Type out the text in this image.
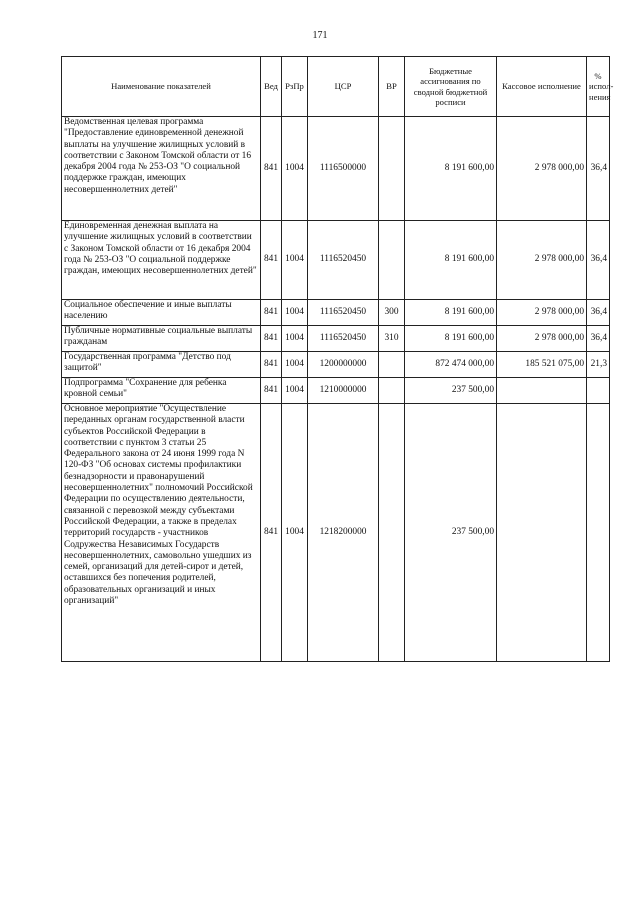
171
Наименование показателей	Вед	РзПр	ЦСР	ВР	Бюджетные ассигнования по сводной бюджетной росписи	Кассовое исполнение	% испол-нения
Ведомственная целевая программа "Предоставление единовременной денежной выплаты на улучшение жилищных условий в соответствии с Законом Томской области от 16 декабря 2004 года № 253-ОЗ "О социальной поддержке граждан, имеющих несовершеннолетних детей"	841	1004	1116500000		8 191 600,00	2 978 000,00	36,4
Единовременная денежная выплата на улучшение жилищных условий в соответствии с Законом Томской области от 16 декабря 2004 года № 253-ОЗ "О социальной поддержке граждан, имеющих несовершеннолетних детей"	841	1004	1116520450		8 191 600,00	2 978 000,00	36,4
Социальное обеспечение и иные выплаты населению	841	1004	1116520450	300	8 191 600,00	2 978 000,00	36,4
Публичные нормативные социальные выплаты гражданам	841	1004	1116520450	310	8 191 600,00	2 978 000,00	36,4
Государственная программа "Детство под защитой"	841	1004	1200000000		872 474 000,00	185 521 075,00	21,3
Подпрограмма "Сохранение для ребенка кровной семьи"	841	1004	1210000000		237 500,00		
Основное мероприятие "Осуществление переданных органам государственной власти субъектов Российской Федерации в соответствии с пунктом 3 статьи 25 Федерального закона от 24 июня 1999 года N 120-ФЗ "Об основах системы профилактики безнадзорности и правонарушений несовершеннолетних" полномочий Российской Федерации по осуществлению деятельности, связанной с перевозкой между субъектами Российской Федерации, а также в пределах территорий государств - участников Содружества Независимых Государств несовершеннолетних, самовольно ушедших из семей, организаций для детей-сирот и детей, оставшихся без попечения родителей, образовательных организаций и иных организаций"	841	1004	1218200000		237 500,00		
